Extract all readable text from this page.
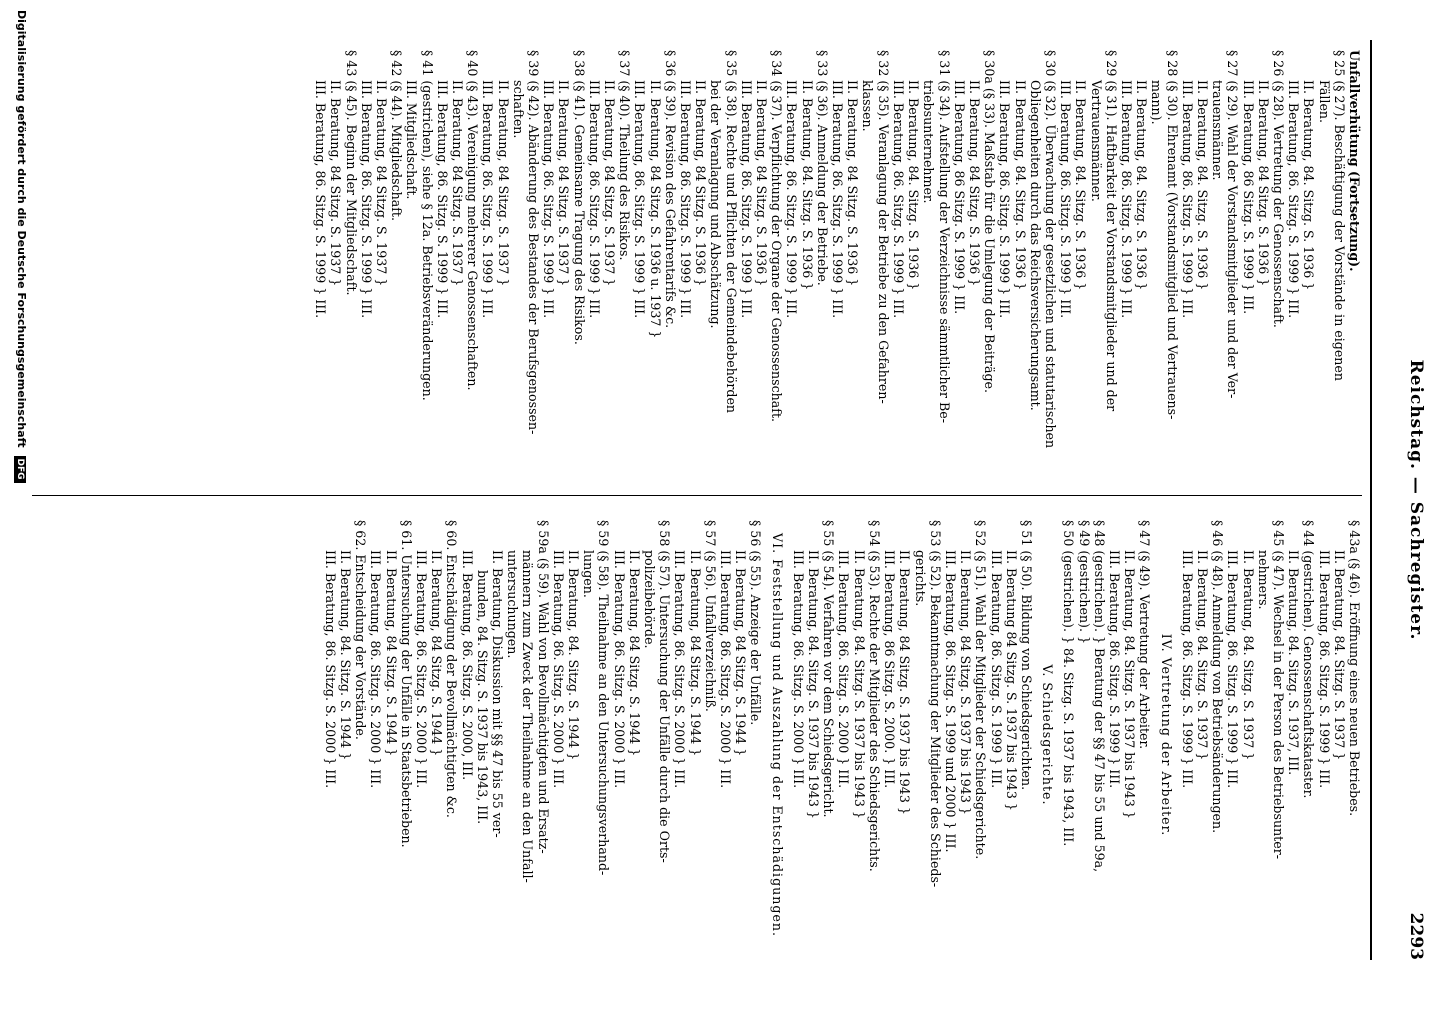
Reichstag. — Sachregister.
2293
Unfallverhütung (Fortsetzung).
§ 25 (§ 27). Beschäftigung der Vorstände in eigenen
Fällen.
II. Beratung, 84. Sitzg. S. 1936 }
III. Beratung, 86. Sitzg. S. 1999 } III.
§ 26 (§ 28). Vertretung der Genossenschaft.
II. Beratung, 84 Sitzg. S. 1936 }
III. Beratung, 86 Sitzg. S. 1999 } III.
§ 27 (§ 29). Wahl der Vorstandsmitglieder und der Ver-
trauensmänner.
II. Beratung, 84. Sitzg. S. 1936 }
III. Beratung, 86. Sitzg. S. 1999 } III.
§ 28 (§ 30). Ehrenamt (Vorstandsmitglied und Vertrauens-
mann).
II. Beratung, 84. Sitzg. S. 1936 }
III. Beratung, 86. Sitzg. S. 1999 } III.
§ 29 (§ 31). Haftbarkeit der Vorstandsmitglieder und der
Vertrauensmänner.
II. Beratung, 84. Sitzg. S. 1936 }
III. Beratung, 86. Sitzg. S. 1999 } III.
§ 30 (§ 32). Überwachung der gesetzlichen und statutarischen
Obliegenheiten durch das Reichsversicherungsamt.
II. Beratung, 84. Sitzg. S. 1936 }
III. Beratung, 86. Sitzg. S. 1999 } III.
§ 30a (§ 33). Maßstab für die Umlegung der Beiträge.
II. Beratung, 84 Sitzg. S. 1936 }
III. Beratung, 86 Sitzg. S. 1999 } III.
§ 31 (§ 34). Aufstellung der Verzeichnisse sämmtlicher Be-
triebsunternehmer.
II. Beratung, 84. Sitzg. S. 1936 }
III. Beratung, 86. Sitzg. S. 1999 } III.
§ 32 (§ 35). Veranlagung der Betriebe zu den Gefahren-
klassen.
II. Beratung, 84 Sitzg. S. 1936 }
III. Beratung, 86. Sitzg. S. 1999 } III.
§ 33 (§ 36). Anmeldung der Betriebe.
II. Beratung, 84. Sitzg. S. 1936 }
III. Beratung, 86. Sitzg. S. 1999 } III.
§ 34 (§ 37). Verpflichtung der Organe der Genossenschaft.
II. Beratung, 84 Sitzg. S. 1936 }
III. Beratung, 86. Sitzg. S. 1999 } III.
§ 35 (§ 38). Rechte und Pflichten der Gemeindebehörden
bei der Veranlagung und Abschätzung.
II. Beratung, 84 Sitzg. S. 1936 }
III. Beratung, 86. Sitzg. S. 1999 } III.
§ 36 (§ 39). Revision des Gefahrentarifs &c.
II. Beratung, 84 Sitzg. S. 1936 u. 1937 }
III. Beratung, 86. Sitzg. S. 1999 } III.
§ 37 (§ 40). Theilung des Risikos.
II. Beratung, 84 Sitzg. S. 1937 }
III. Beratung, 86. Sitzg. S. 1999 } III.
§ 38 (§ 41). Gemeinsame Tragung des Risikos.
II. Beratung, 84 Sitzg. S. 1937 }
III. Beratung, 86. Sitzg. S. 1999 } III.
§ 39 (§ 42). Abänderung des Bestandes der Berufsgenossen-
schaften.
II. Beratung, 84 Sitzg. S. 1937 }
III. Beratung, 86. Sitzg. S. 1999 } III.
§ 40 (§ 43). Vereinigung mehrerer Genossenschaften.
II. Beratung, 84 Sitzg. S. 1937 }
III. Beratung, 86. Sitzg. S. 1999 } III.
§ 41 (gestrichen), siehe § 12a. Betriebsveränderungen.
III. Mitgliedschaft.
§ 42 (§ 44). Mitgliedschaft.
II. Beratung, 84 Sitzg. S. 1937 }
III. Beratung, 86. Sitzg. S. 1999 } III.
§ 43 (§ 45). Beginn der Mitgliedschaft.
II. Beratung, 84 Sitzg. S. 1937 }
III. Beratung, 86. Sitzg. S. 1999 } III.
§ 43a (§ 46). Eröffnung eines neuen Betriebes.
II. Beratung, 84. Sitzg. S. 1937 }
III. Beratung, 86. Sitzg. S. 1999 } III.
§ 44 (gestrichen). Genossenschaftskataster.
II. Beratung, 84. Sitzg. S. 1937, III.
§ 45 (§ 47). Wechsel in der Person des Betriebsunter-
nehmers.
II. Beratung, 84. Sitzg. S. 1937 }
III. Beratung, 86. Sitzg. S. 1999 } III.
§ 46 (§ 48). Anmeldung von Betriebsänderungen.
II. Beratung, 84. Sitzg. S. 1937 }
III. Beratung, 86. Sitzg. S. 1999 } III.
IV. Vertretung der Arbeiter.
§ 47 (§ 49). Vertretung der Arbeiter.
II. Beratung, 84. Sitzg. S. 1937 bis 1943 }
III. Beratung, 86. Sitzg. S. 1999 } III.
§ 48 (gestrichen). } Beratung der §§ 47 bis 55 und 59a,
§ 49 (gestrichen). }
§ 50 (gestrichen). } 84. Sitzg. S. 1937 bis 1943, III.
V. Schiedsgerichte.
§ 51 (§ 50). Bildung von Schiedsgerichten.
II. Beratung 84 Sitzg. S. 1937 bis 1943 }
III. Beratung, 86. Sitzg. S. 1999 } III.
§ 52 (§ 51). Wahl der Mitglieder der Schiedsgerichte.
II. Beratung, 84 Sitzg. S. 1937 bis 1943 }
III. Beratung, 86. Sitzg. S. 1999 und 2000 } III.
§ 53 (§ 52). Bekanntmachung der Mitglieder des Schieds-
gerichts.
II. Beratung, 84 Sitzg. S. 1937 bis 1943 }
III. Beratung, 86 Sitzg. S. 2000. } III.
§ 54 (§ 53). Rechte der Mitglieder des Schiedsgerichts.
II. Beratung, 84. Sitzg. S. 1937 bis 1943 }
III. Beratung, 86. Sitzg. S. 2000 } III.
§ 55 (§ 54). Verfahren vor dem Schiedsgericht.
II. Beratung, 84. Sitzg. S. 1937 bis 1943 }
III. Beratung, 86. Sitzg. S. 2000 } III.
VI. Feststellung und Auszahlung der Entschädigungen.
§ 56 (§ 55). Anzeige der Unfälle.
II. Beratung, 84 Sitzg. S. 1944 }
III. Beratung, 86. Sitzg. S. 2000 } III.
§ 57 (§ 56). Unfallverzeichniß.
II. Beratung, 84 Sitzg. S. 1944 }
III. Beratung, 86. Sitzg. S. 2000 } III.
§ 58 (§ 57). Untersuchung der Unfälle durch die Orts-
polizeibehörde.
II. Beratung, 84 Sitzg. S. 1944 }
III. Beratung, 86. Sitzg. S. 2000 } III.
§ 59 (§ 58). Theilnahme an den Untersuchungsverhand-
lungen.
II. Beratung, 84. Sitzg. S. 1944 }
III. Beratung, 86. Sitzg. S. 2000 } III.
§ 59a (§ 59). Wahl von Bevollmächtigten und Ersatz-
männern zum Zweck der Theilnahme an den Unfall-
untersuchungen.
II. Beratung, Diskussion mit §§ 47 bis 55 ver-
bunden, 84. Sitzg. S. 1937 bis 1943, III.
III. Beratung, 86. Sitzg. S. 2000, III.
§ 60. Entschädigung der Bevollmächtigten &c.
II. Beratung, 84 Sitzg. S. 1944 }
III. Beratung, 86. Sitzg. S. 2000 } III.
§ 61. Untersuchung der Unfälle in Staatsbetrieben.
II. Beratung, 84 Sitzg. S. 1944 }
III. Beratung, 86. Sitzg. S. 2000 } III.
§ 62. Entscheidung der Vorstände.
II. Beratung, 84. Sitzg. S. 1944 }
III. Beratung, 86. Sitzg. S. 2000 } III.
Digitalisierung gefördert durch die Deutsche Forschungsgemeinschaft DFG
